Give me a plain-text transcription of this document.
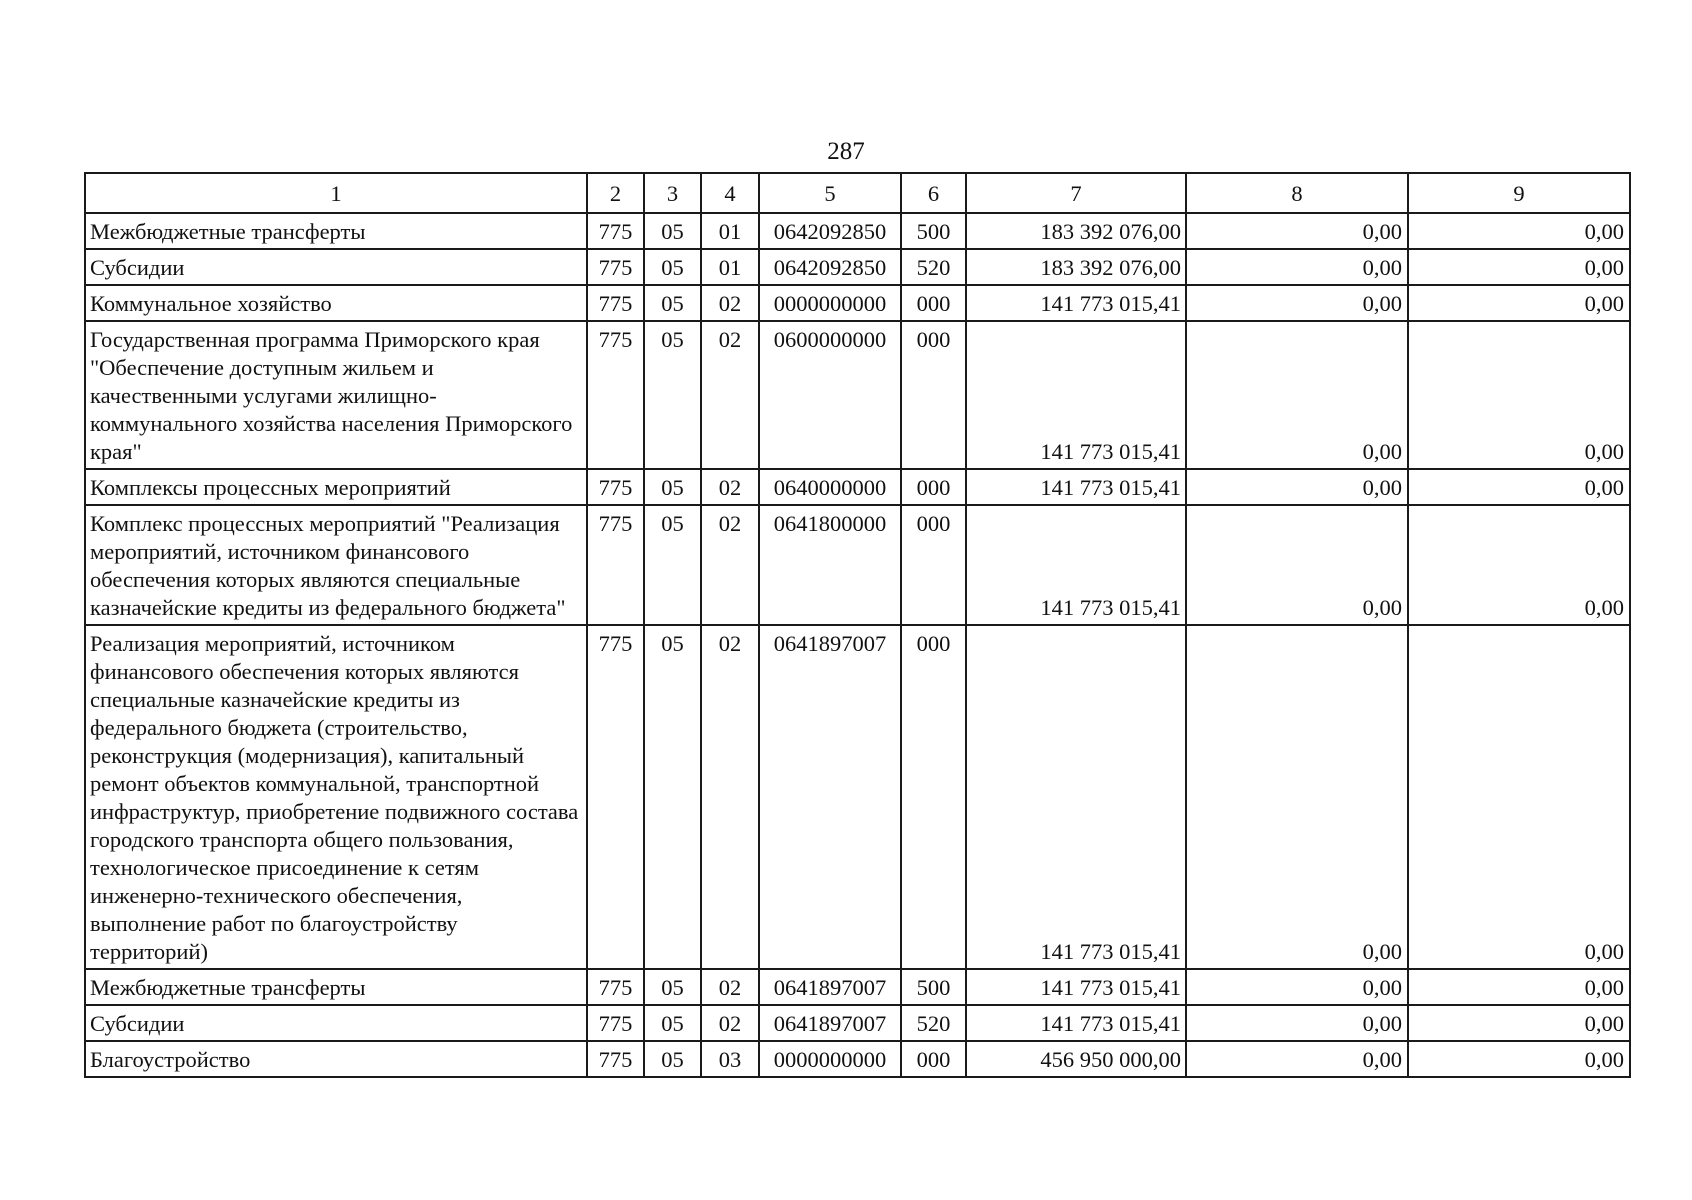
287
1	2	3	4	5	6	7	8	9
Межбюджетные трансферты	775	05	01	0642092850	500	183 392 076,00	0,00	0,00
Субсидии	775	05	01	0642092850	520	183 392 076,00	0,00	0,00
Коммунальное хозяйство	775	05	02	0000000000	000	141 773 015,41	0,00	0,00
Государственная программа Приморского края "Обеспечение доступным жильем и качественными услугами жилищно-коммунального хозяйства населения Приморского края"	775	05	02	0600000000	000	141 773 015,41	0,00	0,00
Комплексы процессных мероприятий	775	05	02	0640000000	000	141 773 015,41	0,00	0,00
Комплекс процессных мероприятий "Реализация мероприятий, источником финансового обеспечения которых являются специальные казначейские кредиты из федерального бюджета"	775	05	02	0641800000	000	141 773 015,41	0,00	0,00
Реализация мероприятий, источником финансового обеспечения которых являются специальные казначейские кредиты из федерального бюджета (строительство, реконструкция (модернизация), капитальный ремонт объектов коммунальной, транспортной инфраструктур, приобретение подвижного состава городского транспорта общего пользования, технологическое присоединение к сетям инженерно-технического обеспечения, выполнение работ по благоустройству территорий)	775	05	02	0641897007	000	141 773 015,41	0,00	0,00
Межбюджетные трансферты	775	05	02	0641897007	500	141 773 015,41	0,00	0,00
Субсидии	775	05	02	0641897007	520	141 773 015,41	0,00	0,00
Благоустройство	775	05	03	0000000000	000	456 950 000,00	0,00	0,00
